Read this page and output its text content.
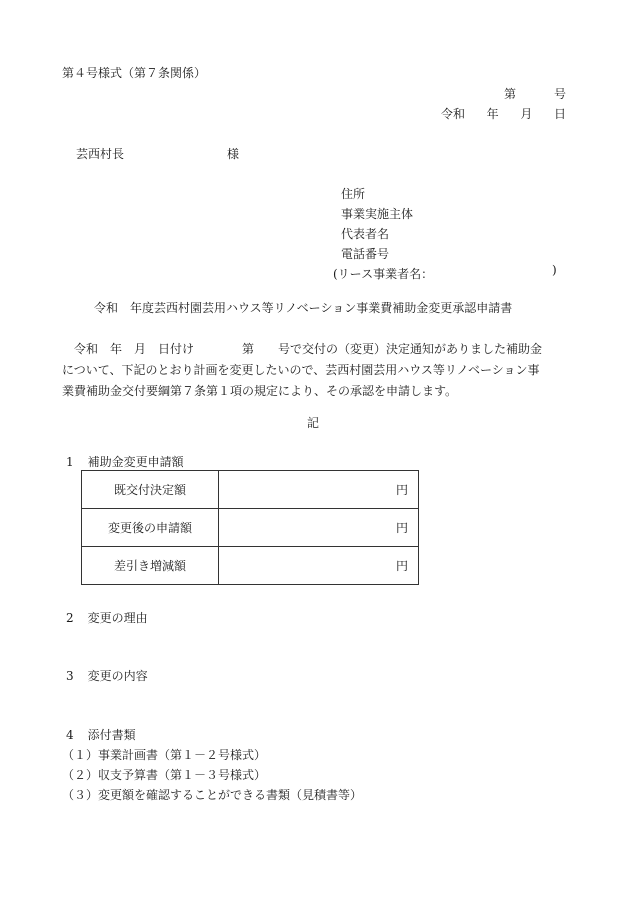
第４号様式（第７条関係）
第	号
令和 年 月 日
芸西村長	様
住所
事業実施主体
代表者名
電話番号
(リース事業者名：	)
令和　年度芸西村園芸用ハウス等リノベーション事業費補助金変更承認申請書

　令和　年　月　日付け　　　　第　　号で交付の（変更）決定通知がありました補助金

について、下記のとおり計画を変更したいので、芸西村園芸用ハウス等リノベーション事

業費補助金交付要綱第７条第１項の規定により、その承認を申請します。

記
1 補助金変更申請額
既交付決定額	円
変更後の申請額	円
差引き増減額	円
2 変更の理由
3 変更の内容
4 添付書類
（１）事業計画書（第１－２号様式）
（２）収支予算書（第１－３号様式）
（３）変更額を確認することができる書類（見積書等）
